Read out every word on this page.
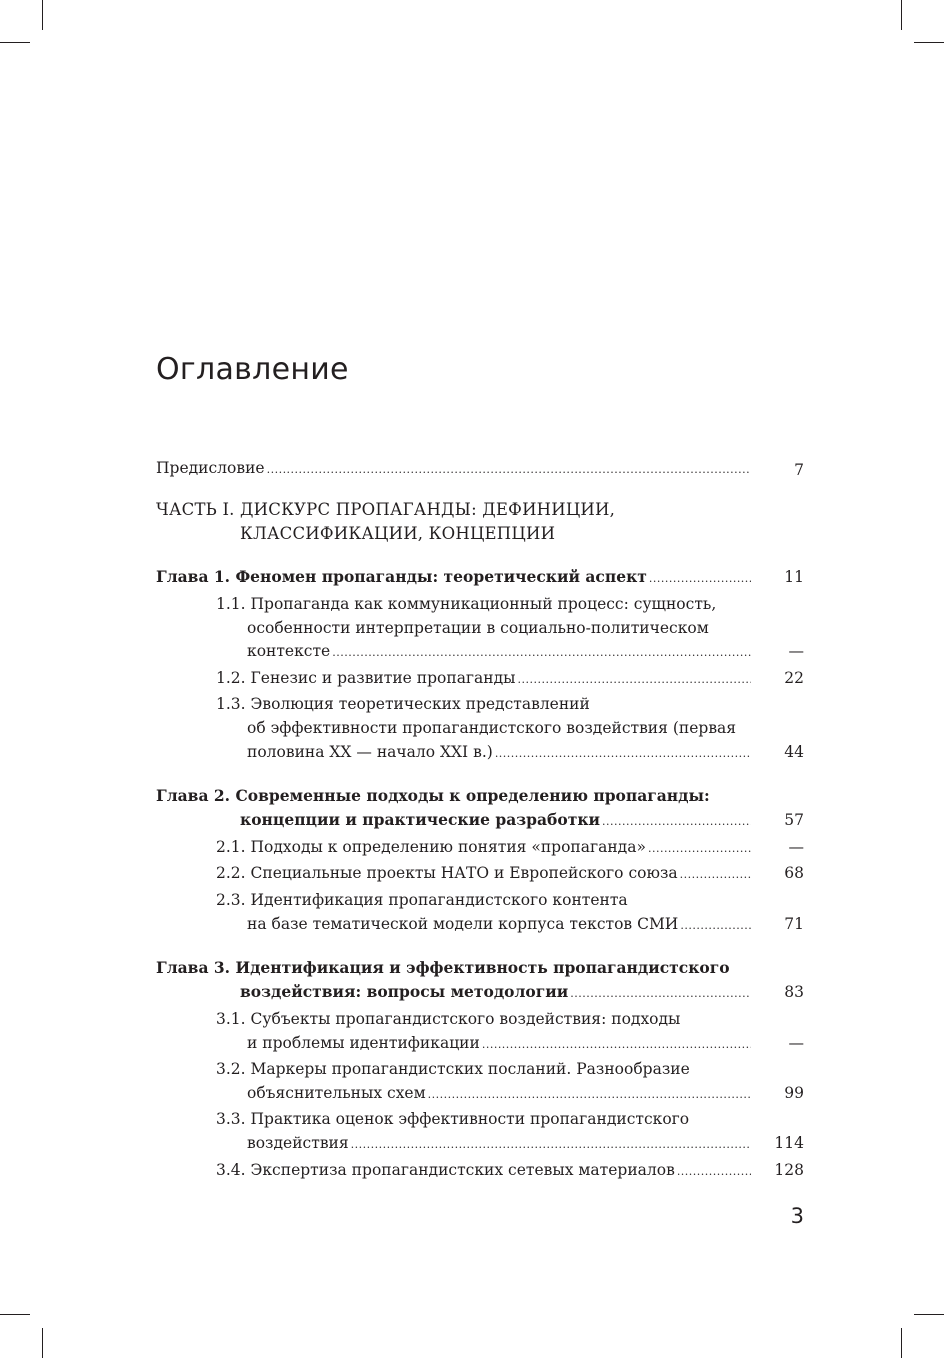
Оглавление
Предисловие .....	7
ЧАСТЬ I. ДИСКУРС ПРОПАГАНДЫ: ДЕФИНИЦИИ,
КЛАССИФИКАЦИИ, КОНЦЕПЦИИ
Глава 1. Феномен пропаганды: теоретический аспект .....	11
1.1. Пропаганда как коммуникационный процесс: сущность,
особенности интерпретации в социально-политическом
контексте .....	—
1.2. Генезис и развитие пропаганды .....	22
1.3. Эволюция теоретических представлений
об эффективности пропагандистского воздействия (первая
половина XX — начало XXI в.) .....	44
Глава 2. Современные подходы к определению пропаганды:
концепции и практические разработки .....	57
2.1. Подходы к определению понятия «пропаганда» .....	—
2.2. Специальные проекты НАТО и Европейского союза .....	68
2.3. Идентификация пропагандистского контента
на базе тематической модели корпуса текстов СМИ .....	71
Глава 3. Идентификация и эффективность пропагандистского
воздействия: вопросы методологии .....	83
3.1. Субъекты пропагандистского воздействия: подходы
и проблемы идентификации .....	—
3.2. Маркеры пропагандистских посланий. Разнообразие
объяснительных схем .....	99
3.3. Практика оценок эффективности пропагандистского
воздействия .....	114
3.4. Экспертиза пропагандистских сетевых материалов .....	128
3
